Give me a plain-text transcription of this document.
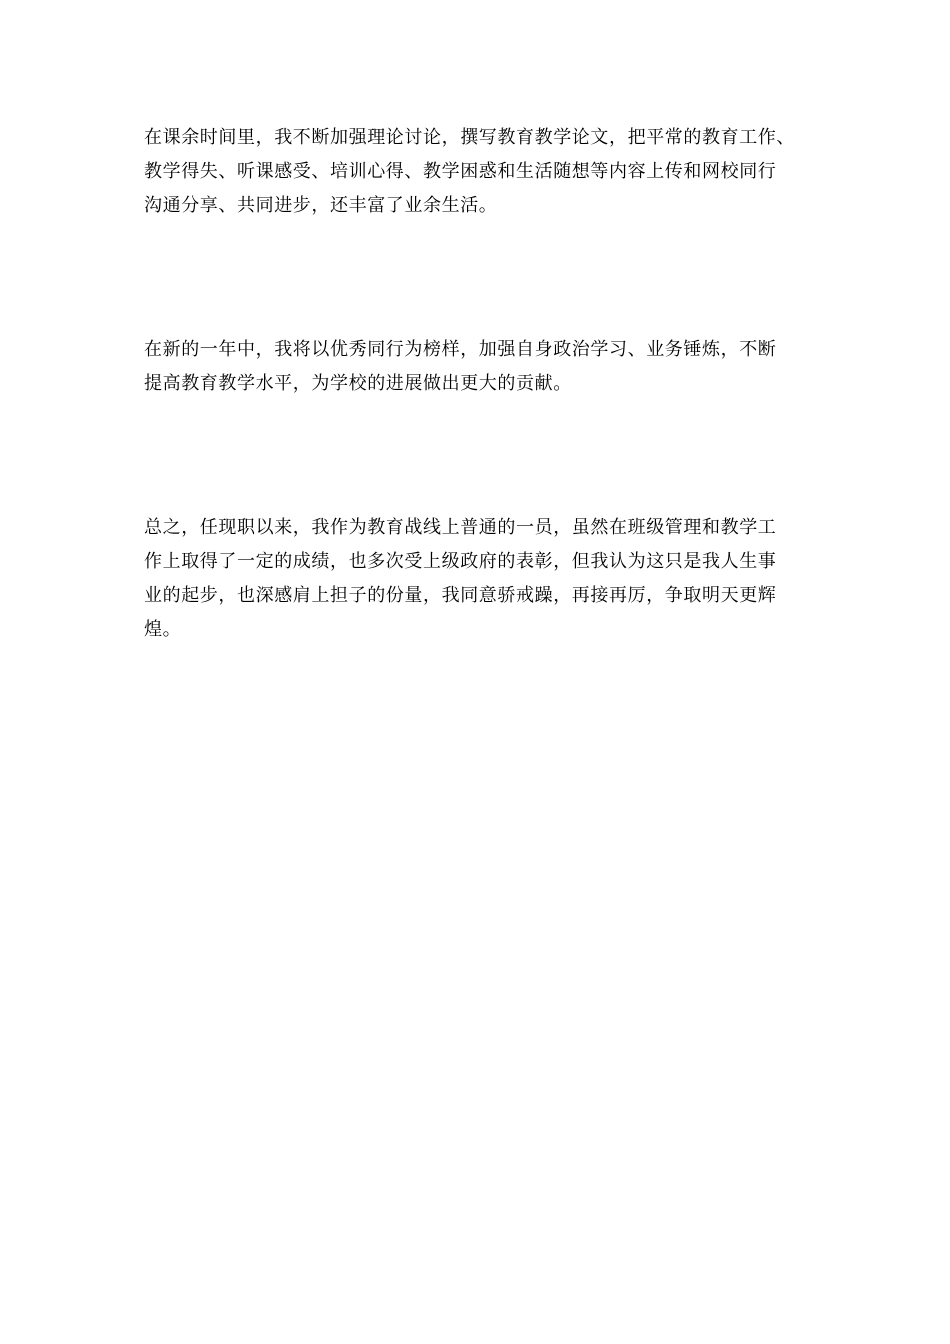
在课余时间里，我不断加强理论讨论，撰写教育教学论文，把平常的教育工作、
教学得失、听课感受、培训心得、教学困惑和生活随想等内容上传和网校同行
沟通分享、共同进步，还丰富了业余生活。

在新的一年中，我将以优秀同行为榜样，加强自身政治学习、业务锤炼，不断
提高教育教学水平，为学校的进展做出更大的贡献。

总之，任现职以来，我作为教育战线上普通的一员，虽然在班级管理和教学工
作上取得了一定的成绩，也多次受上级政府的表彰，但我认为这只是我人生事
业的起步，也深感肩上担子的份量，我同意骄戒躁，再接再厉，争取明天更辉
煌。
